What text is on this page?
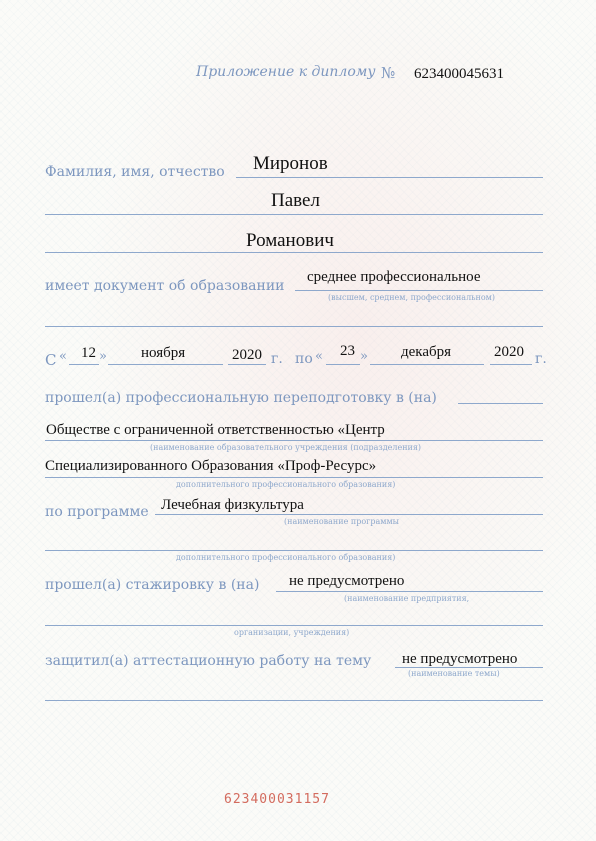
Приложение к диплому № 623400045631
Фамилия, имя, отчество Миронов
Павел
Романович
имеет документ об образовании
среднее профессиональное
(высшем, среднем, профессиональном)
С « 12 » ноября	2020 г. по « 23 » декабря	2020 г.
прошел(а) профессиональную переподготовку в (на)
Обществе с ограниченной ответственностью «Центр
(наименование образовательного учреждения (подразделения)
Специализированного Образования «Проф-Ресурс»
дополнительного профессионального образования)
по программе Лечебная физкультура
(наименование программы
дополнительного профессионального образования)
прошел(а) стажировку в (на) не предусмотрено
(наименование предприятия,
организации, учреждения)
защитил(а) аттестационную работу на тему не предусмотрено
(наименование темы)
623400031157
